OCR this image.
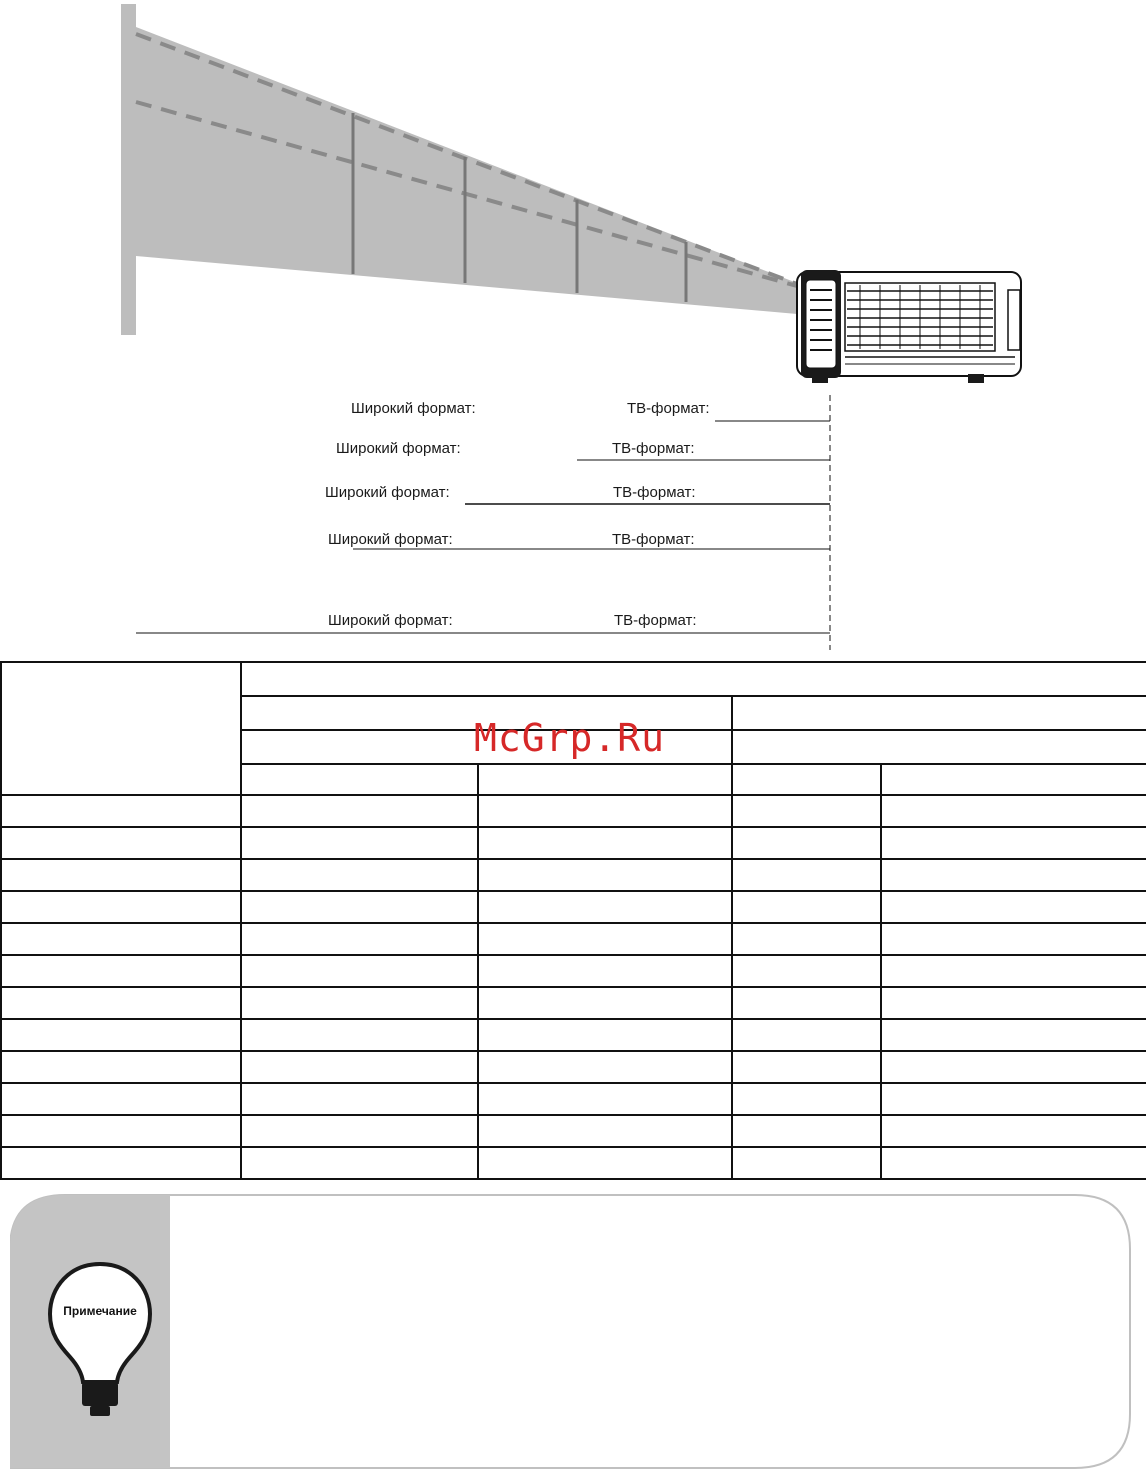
Широкий формат:	ТВ-формат:
Широкий формат:	ТВ-формат:
Широкий формат:	ТВ-формат:
Широкий формат:	ТВ-формат:
Широкий формат:	ТВ-формат:

McGrp.Ru
Примечание
